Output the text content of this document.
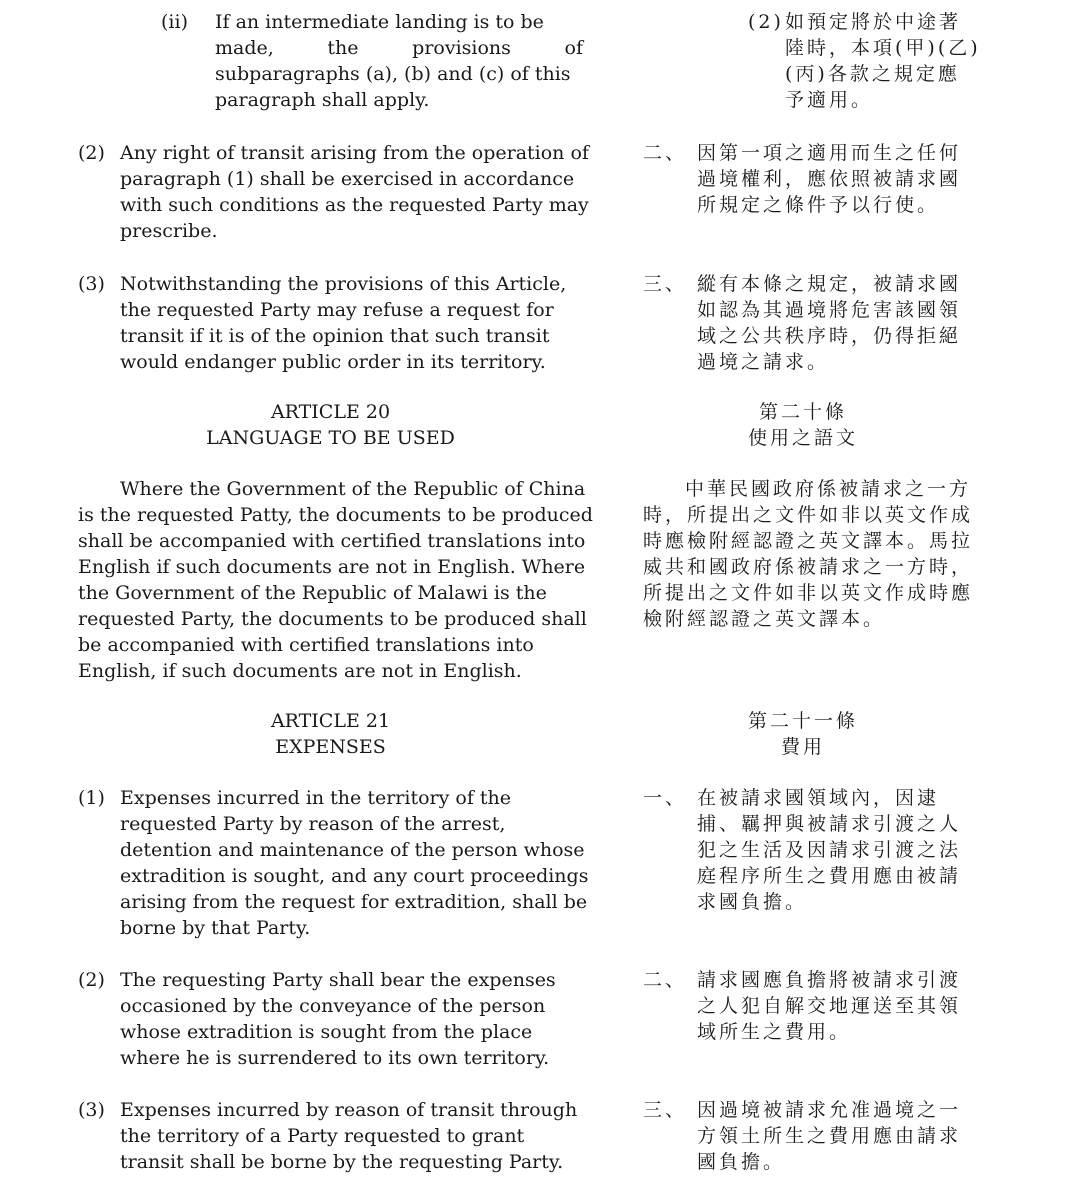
(ii) If an intermediate landing is to be
made, the provisions of
subparagraphs (a), (b) and (c) of this
paragraph shall apply.
(2) Any right of transit arising from the operation of
paragraph (1) shall be exercised in accordance
with such conditions as the requested Party may
prescribe.
(3) Notwithstanding the provisions of this Article,
the requested Party may refuse a request for
transit if it is of the opinion that such transit
would endanger public order in its territory.
ARTICLE 20
LANGUAGE TO BE USED
Where the Government of the Republic of China
is the requested Patty, the documents to be produced
shall be accompanied with certified translations into
English if such documents are not in English. Where
the Government of the Republic of Malawi is the
requested Party, the documents to be produced shall
be accompanied with certified translations into
English, if such documents are not in English.
ARTICLE 21
EXPENSES
(1) Expenses incurred in the territory of the
requested Party by reason of the arrest,
detention and maintenance of the person whose
extradition is sought, and any court proceedings
arising from the request for extradition, shall be
borne by that Party.
(2) The requesting Party shall bear the expenses
occasioned by the conveyance of the person
whose extradition is sought from the place
where he is surrendered to its own territory.
(3) Expenses incurred by reason of transit through
the territory of a Party requested to grant
transit shall be borne by the requesting Party.
(2) 如預定將於中途著
陸時，本項(甲)(乙)
(丙)各款之規定應
予適用。
二、 因第一項之適用而生之任何
過境權利，應依照被請求國
所規定之條件予以行使。
三、 縱有本條之規定，被請求國
如認為其過境將危害該國領
域之公共秩序時，仍得拒絕
過境之請求。
第二十條
使用之語文
中華民國政府係被請求之一方
時，所提出之文件如非以英文作成
時應檢附經認證之英文譯本。馬拉
威共和國政府係被請求之一方時，
所提出之文件如非以英文作成時應
檢附經認證之英文譯本。
第二十一條
費用
一、 在被請求國領域內，因逮
捕、羈押與被請求引渡之人
犯之生活及因請求引渡之法
庭程序所生之費用應由被請
求國負擔。
二、 請求國應負擔將被請求引渡
之人犯自解交地運送至其領
域所生之費用。
三、 因過境被請求允准過境之一
方領土所生之費用應由請求
國負擔。
